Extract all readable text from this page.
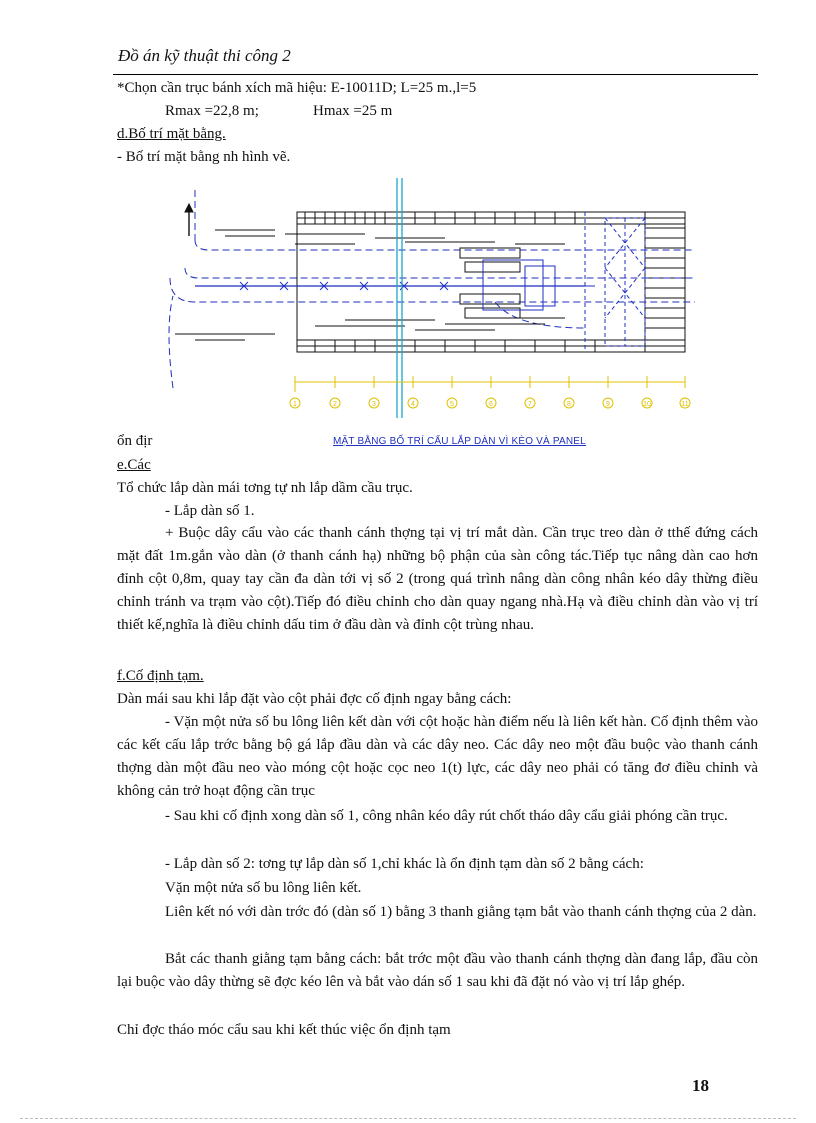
Đồ án kỹ thuật thi công 2
*Chọn cần trục bánh xích mã hiệu: E-10011D; L=25 m.,l=5
Rmax =22,8 m;	Hmax =25 m
d.Bố trí mặt bằng.
- Bố trí mặt bằng nh hình vẽ.
1	2	3	4	5	6	7	8	9	10	11
ổn địr	MẶT BẰNG BỐ TRÍ CẨU LẮP DÀN VÌ KÈO VÀ PANEL
e.Các
Tổ chức lắp dàn mái tơng tự nh lắp dầm cầu trục.
- Lắp dàn số 1.
+ Buộc dây cẩu vào các thanh cánh thợng tại vị trí mắt dàn. Cần trục treo dàn ở tthế đứng cách mặt đất 1m.gắn vào dàn (ở thanh cánh hạ) những bộ phận của sàn công tác.Tiếp tục nâng dàn cao hơn đỉnh cột 0,8m, quay tay cần đa dàn tới vị số 2 (trong quá trình nâng dàn công nhân kéo dây thừng điều chỉnh tránh va trạm vào cột).Tiếp đó điều chỉnh cho dàn quay ngang nhà.Hạ và điều chỉnh dàn vào vị trí thiết kế,nghĩa là điều chỉnh dấu tim ở đầu dàn và đỉnh cột trùng nhau.
f.Cố định tạm.
Dàn mái sau khi lắp đặt vào cột phải đợc cố định ngay bằng cách:
- Vặn một nửa số bu lông liên kết dàn với cột hoặc hàn điểm nếu là liên kết hàn. Cố định thêm vào các kết cấu lắp trớc bằng bộ gá lắp đầu dàn và các dây neo. Các dây neo một đầu buộc vào thanh cánh thợng dàn một đầu neo vào móng cột hoặc cọc neo 1(t) lực, các dây neo phải có tăng đơ điều chỉnh và không cản trở hoạt động cần trục
- Sau khi cố định xong dàn số 1, công nhân kéo dây rút chốt tháo dây cẩu giải phóng cần trục.
- Lắp dàn số 2: tơng tự lắp dàn số 1,chỉ khác là ổn định tạm dàn số 2 bằng cách:
Vặn một nửa số bu lông liên kết.
Liên kết nó với dàn trớc đó (dàn số 1) bằng 3 thanh giằng tạm bắt vào thanh cánh thợng của 2 dàn.
Bắt các thanh giằng tạm bằng cách: bắt trớc một đầu vào thanh cánh thợng dàn đang lắp, đầu còn lại buộc vào dây thừng sẽ đợc kéo lên và bắt vào dán số 1 sau khi đã đặt nó vào vị trí lắp ghép.
Chỉ đợc tháo móc cẩu sau khi kết thúc việc ổn định tạm
18
